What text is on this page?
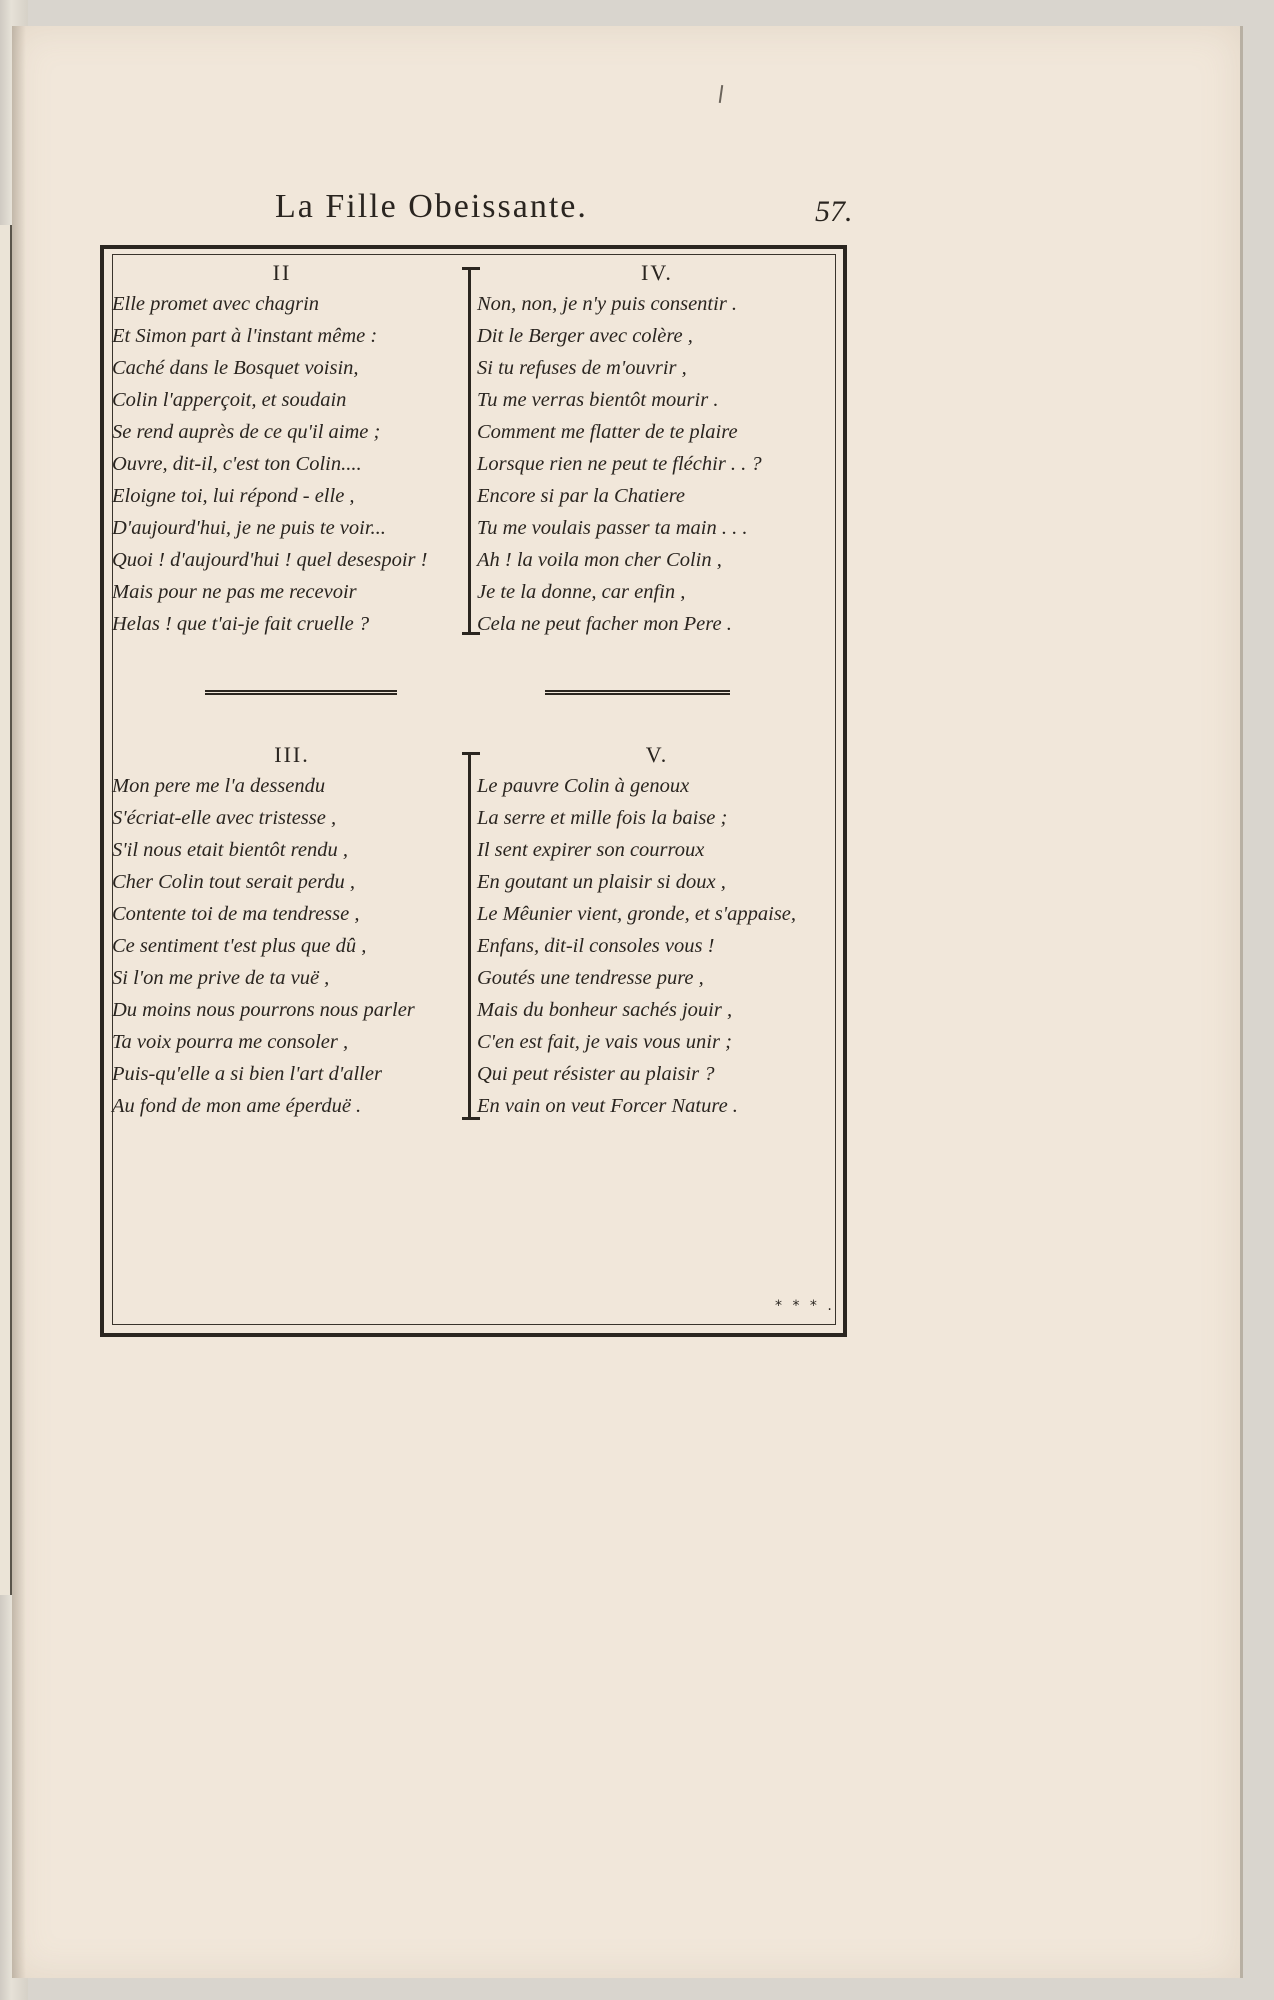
La Fille Obeissante.	57.
II
Elle promet avec chagrin
Et Simon part à l'instant même :
Caché dans le Bosquet voisin,
Colin l'apperçoit, et soudain
Se rend auprès de ce qu'il aime ;
Ouvre, dit-il, c'est ton Colin....
Eloigne toi, lui répond - elle ,
D'aujourd'hui, je ne puis te voir...
Quoi ! d'aujourd'hui ! quel desespoir !
Mais pour ne pas me recevoir
Helas ! que t'ai-je fait cruelle ?
IV.
Non, non, je n'y puis consentir .
Dit le Berger avec colère ,
Si tu refuses de m'ouvrir ,
Tu me verras bientôt mourir .
Comment me flatter de te plaire
Lorsque rien ne peut te fléchir . . ?
Encore si par la Chatiere
Tu me voulais passer ta main . . .
Ah ! la voila mon cher Colin ,
Je te la donne, car enfin ,
Cela ne peut facher mon Pere .
III.
Mon pere me l'a dessendu
S'écriat-elle avec tristesse ,
S'il nous etait bientôt rendu ,
Cher Colin tout serait perdu ,
Contente toi de ma tendresse ,
Ce sentiment t'est plus que dû ,
Si l'on me prive de ta vuë ,
Du moins nous pourrons nous parler
Ta voix pourra me consoler ,
Puis-qu'elle a si bien l'art d'aller
Au fond de mon ame éperduë .
V.
Le pauvre Colin à genoux
La serre et mille fois la baise ;
Il sent expirer son courroux
En goutant un plaisir si doux ,
Le Mêunier vient, gronde, et s'appaise,
Enfans, dit-il consoles vous !
Goutés une tendresse pure ,
Mais du bonheur sachés jouir ,
C'en est fait, je vais vous unir ;
Qui peut résister au plaisir ?
En vain on veut Forcer Nature .
* * * .
